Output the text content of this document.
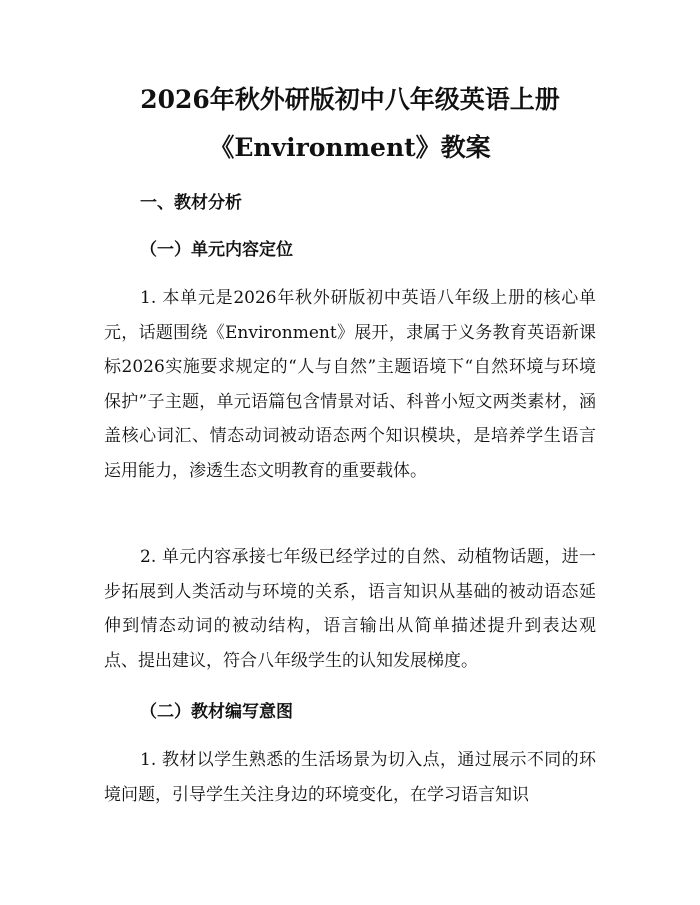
2026年秋外研版初中八年级英语上册
《Environment》教案
一、教材分析
（一）单元内容定位

1. 本单元是2026年秋外研版初中英语八年级上册的核心单元，话题围绕《Environment》展开，隶属于义务教育英语新课标2026实施要求规定的“人与自然”主题语境下“自然环境与环境保护”子主题，单元语篇包含情景对话、科普小短文两类素材，涵盖核心词汇、情态动词被动语态两个知识模块，是培养学生语言运用能力，渗透生态文明教育的重要载体。

2. 单元内容承接七年级已经学过的自然、动植物话题，进一步拓展到人类活动与环境的关系，语言知识从基础的被动语态延伸到情态动词的被动结构，语言输出从简单描述提升到表达观点、提出建议，符合八年级学生的认知发展梯度。

（二）教材编写意图

1. 教材以学生熟悉的生活场景为切入点，通过展示不同的环境问题，引导学生关注身边的环境变化，在学习语言知识
